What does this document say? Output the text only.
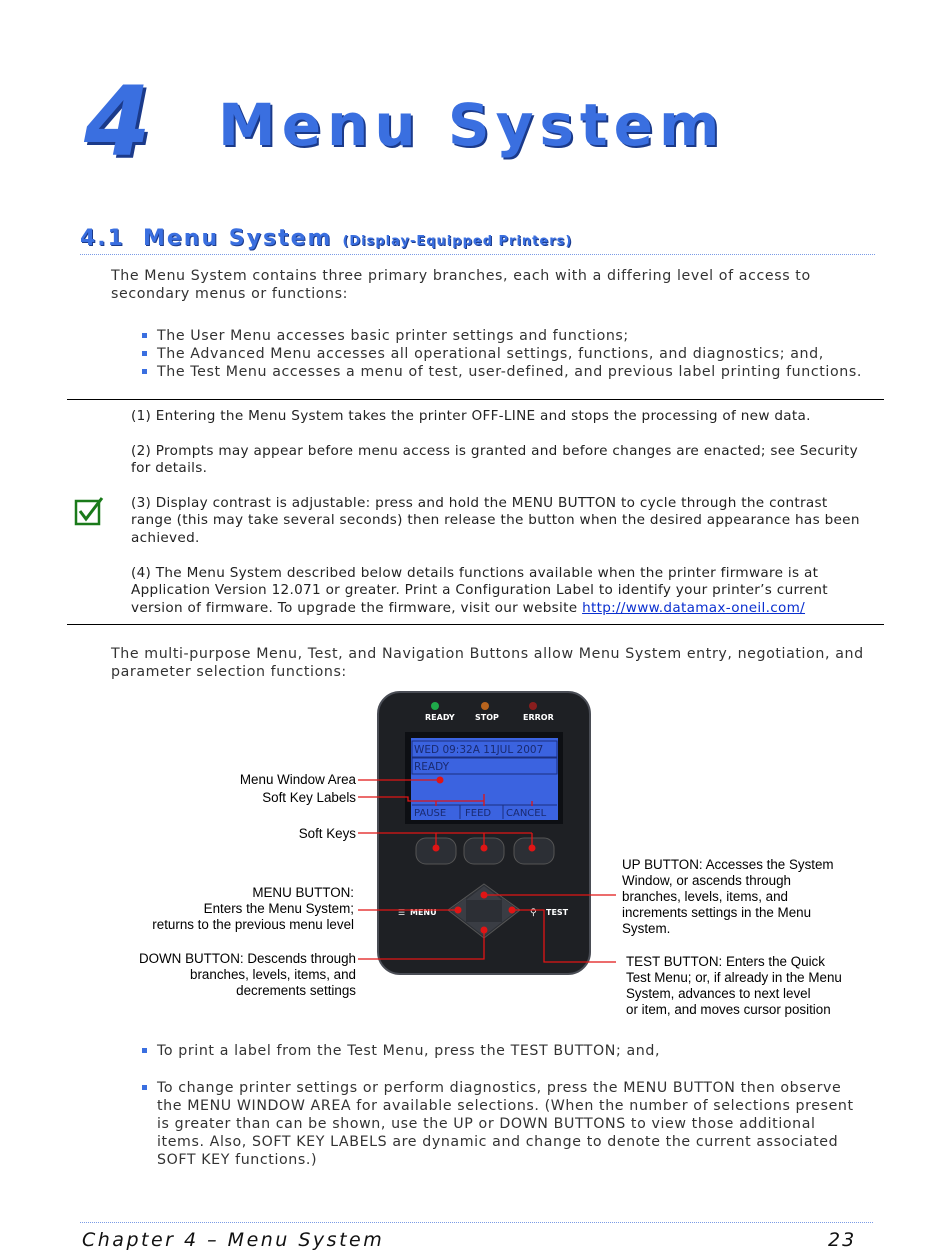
4 Menu System
4.1 Menu System (Display-Equipped Printers)
The Menu System contains three primary branches, each with a differing level of access to secondary menus or functions:
The User Menu accesses basic printer settings and functions;
The Advanced Menu accesses all operational settings, functions, and diagnostics; and,
The Test Menu accesses a menu of test, user-defined, and previous label printing functions.

(1) Entering the Menu System takes the printer OFF-LINE and stops the processing of new data.

(2) Prompts may appear before menu access is granted and before changes are enacted; see Security for details.

(3) Display contrast is adjustable: press and hold the MENU BUTTON to cycle through the contrast range (this may take several seconds) then release the button when the desired appearance has been achieved.

(4) The Menu System described below details functions available when the printer firmware is at Application Version 12.071 or greater. Print a Configuration Label to identify your printer’s current version of firmware. To upgrade the firmware, visit our website http://www.datamax-oneil.com/

The multi-purpose Menu, Test, and Navigation Buttons allow Menu System entry, negotiation, and parameter selection functions:
READY	STOP	ERROR
WED 09:32A 11JUL 2007
READY
PAUSE FEED CANCEL
☰ MENU	⚲ TEST
Menu Window Area
Soft Key Labels
Soft Keys
MENU BUTTON:
Enters the Menu System;
returns to the previous menu level
DOWN BUTTON: Descends through
branches, levels, items, and
decrements settings
UP BUTTON: Accesses the System
Window, or ascends through
branches, levels, items, and
increments settings in the Menu
System.
TEST BUTTON: Enters the Quick
Test Menu; or, if already in the Menu
System, advances to next level
or item, and moves cursor position
To print a label from the Test Menu, press the TEST BUTTON; and,
To change printer settings or perform diagnostics, press the MENU BUTTON then observe the MENU WINDOW AREA for available selections. (When the number of selections present is greater than can be shown, use the UP or DOWN BUTTONS to view those additional items. Also, SOFT KEY LABELS are dynamic and change to denote the current associated SOFT KEY functions.)
Chapter 4 – Menu System	23
